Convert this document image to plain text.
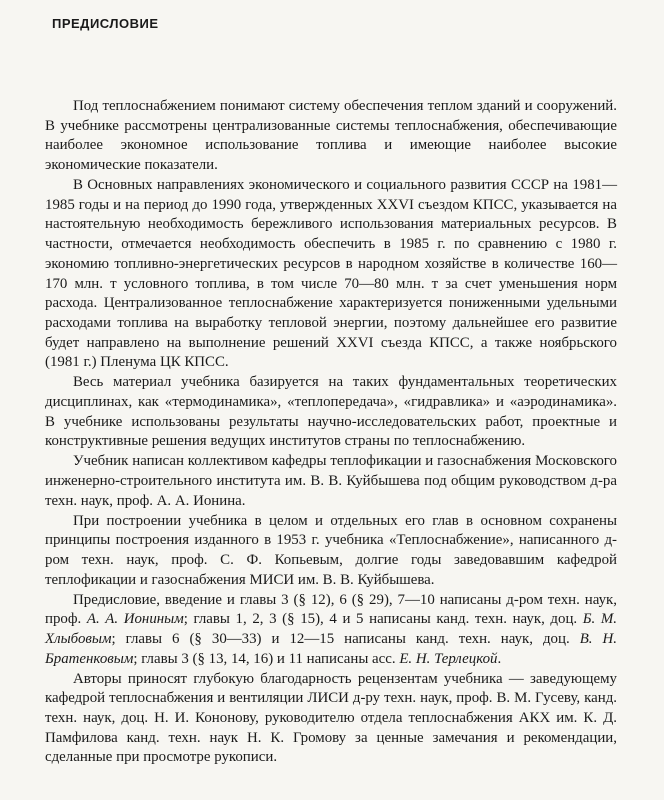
ПРЕДИСЛОВИЕ

Под теплоснабжением понимают систему обеспечения теплом зданий и сооружений. В учебнике рассмотрены централизованные системы теплоснабжения, обеспечивающие наиболее экономное использование топлива и имеющие наиболее высокие экономические показатели.

В Основных направлениях экономического и социального развития СССР на 1981—1985 годы и на период до 1990 года, утвержденных XXVI съездом КПСС, указывается на настоятельную необходимость бережливого использования материальных ресурсов. В частности, отмечается необходимость обеспечить в 1985 г. по сравнению с 1980 г. экономию топливно-энергетических ресурсов в народном хозяйстве в количестве 160—170 млн. т условного топлива, в том числе 70—80 млн. т за счет уменьшения норм расхода. Централизованное теплоснабжение характеризуется пониженными удельными расходами топлива на выработку тепловой энергии, поэтому дальнейшее его развитие будет направлено на выполнение решений XXVI съезда КПСС, а также ноябрьского (1981 г.) Пленума ЦК КПСС.

Весь материал учебника базируется на таких фундаментальных теоретических дисциплинах, как «термодинамика», «теплопередача», «гидравлика» и «аэродинамика». В учебнике использованы результаты научно-исследовательских работ, проектные и конструктивные решения ведущих институтов страны по теплоснабжению.

Учебник написан коллективом кафедры теплофикации и газоснабжения Московского инженерно-строительного института им. В. В. Куйбышева под общим руководством д-ра техн. наук, проф. А. А. Ионина.

При построении учебника в целом и отдельных его глав в основном сохранены принципы построения изданного в 1953 г. учебника «Теплоснабжение», написанного д-ром техн. наук, проф. С. Ф. Копьевым, долгие годы заведовавшим кафедрой теплофикации и газоснабжения МИСИ им. В. В. Куйбышева.

Предисловие, введение и главы 3 (§ 12), 6 (§ 29), 7—10 написаны д-ром техн. наук, проф. А. А. Иониным; главы 1, 2, 3 (§ 15), 4 и 5 написаны канд. техн. наук, доц. Б. М. Хлыбовым; главы 6 (§ 30—33) и 12—15 написаны канд. техн. наук, доц. В. Н. Братенковым; главы 3 (§ 13, 14, 16) и 11 написаны асс. Е. Н. Терлецкой.

Авторы приносят глубокую благодарность рецензентам учебника — заведующему кафедрой теплоснабжения и вентиляции ЛИСИ д-ру техн. наук, проф. В. М. Гусеву, канд. техн. наук, доц. Н. И. Кононову, руководителю отдела теплоснабжения АКХ им. К. Д. Памфилова канд. техн. наук Н. К. Громову за ценные замечания и рекомендации, сделанные при просмотре рукописи.
